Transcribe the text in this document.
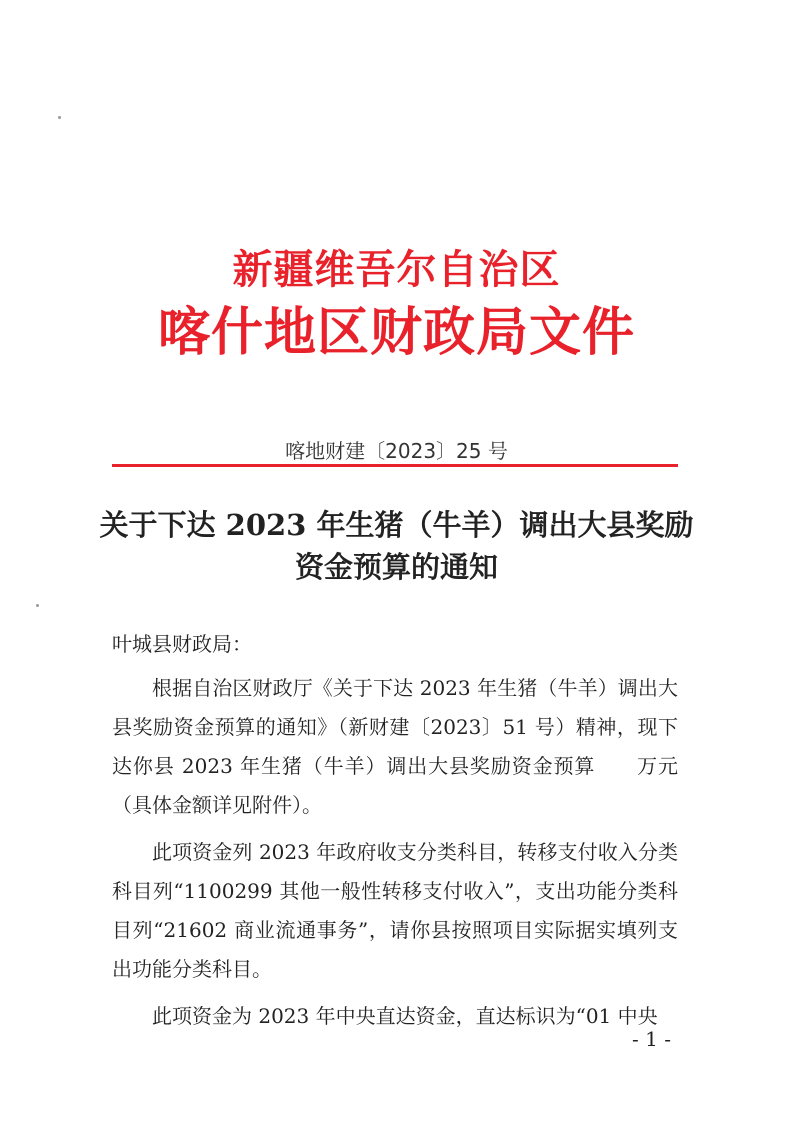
新疆维吾尔自治区
喀什地区财政局文件
喀地财建〔2023〕25 号
关于下达 2023 年生猪（牛羊）调出大县奖励
资金预算的通知
叶城县财政局：

根据自治区财政厅《关于下达 2023 年生猪（牛羊）调出大县奖励资金预算的通知》（新财建〔2023〕51 号）精神，现下达你县 2023 年生猪（牛羊）调出大县奖励资金预算　　万元（具体金额详见附件）。

此项资金列 2023 年政府收支分类科目，转移支付收入分类科目列“1100299 其他一般性转移支付收入”，支出功能分类科目列“21602 商业流通事务”，请你县按照项目实际据实填列支出功能分类科目。

此项资金为 2023 年中央直达资金，直达标识为“01 中央

- 1 -
